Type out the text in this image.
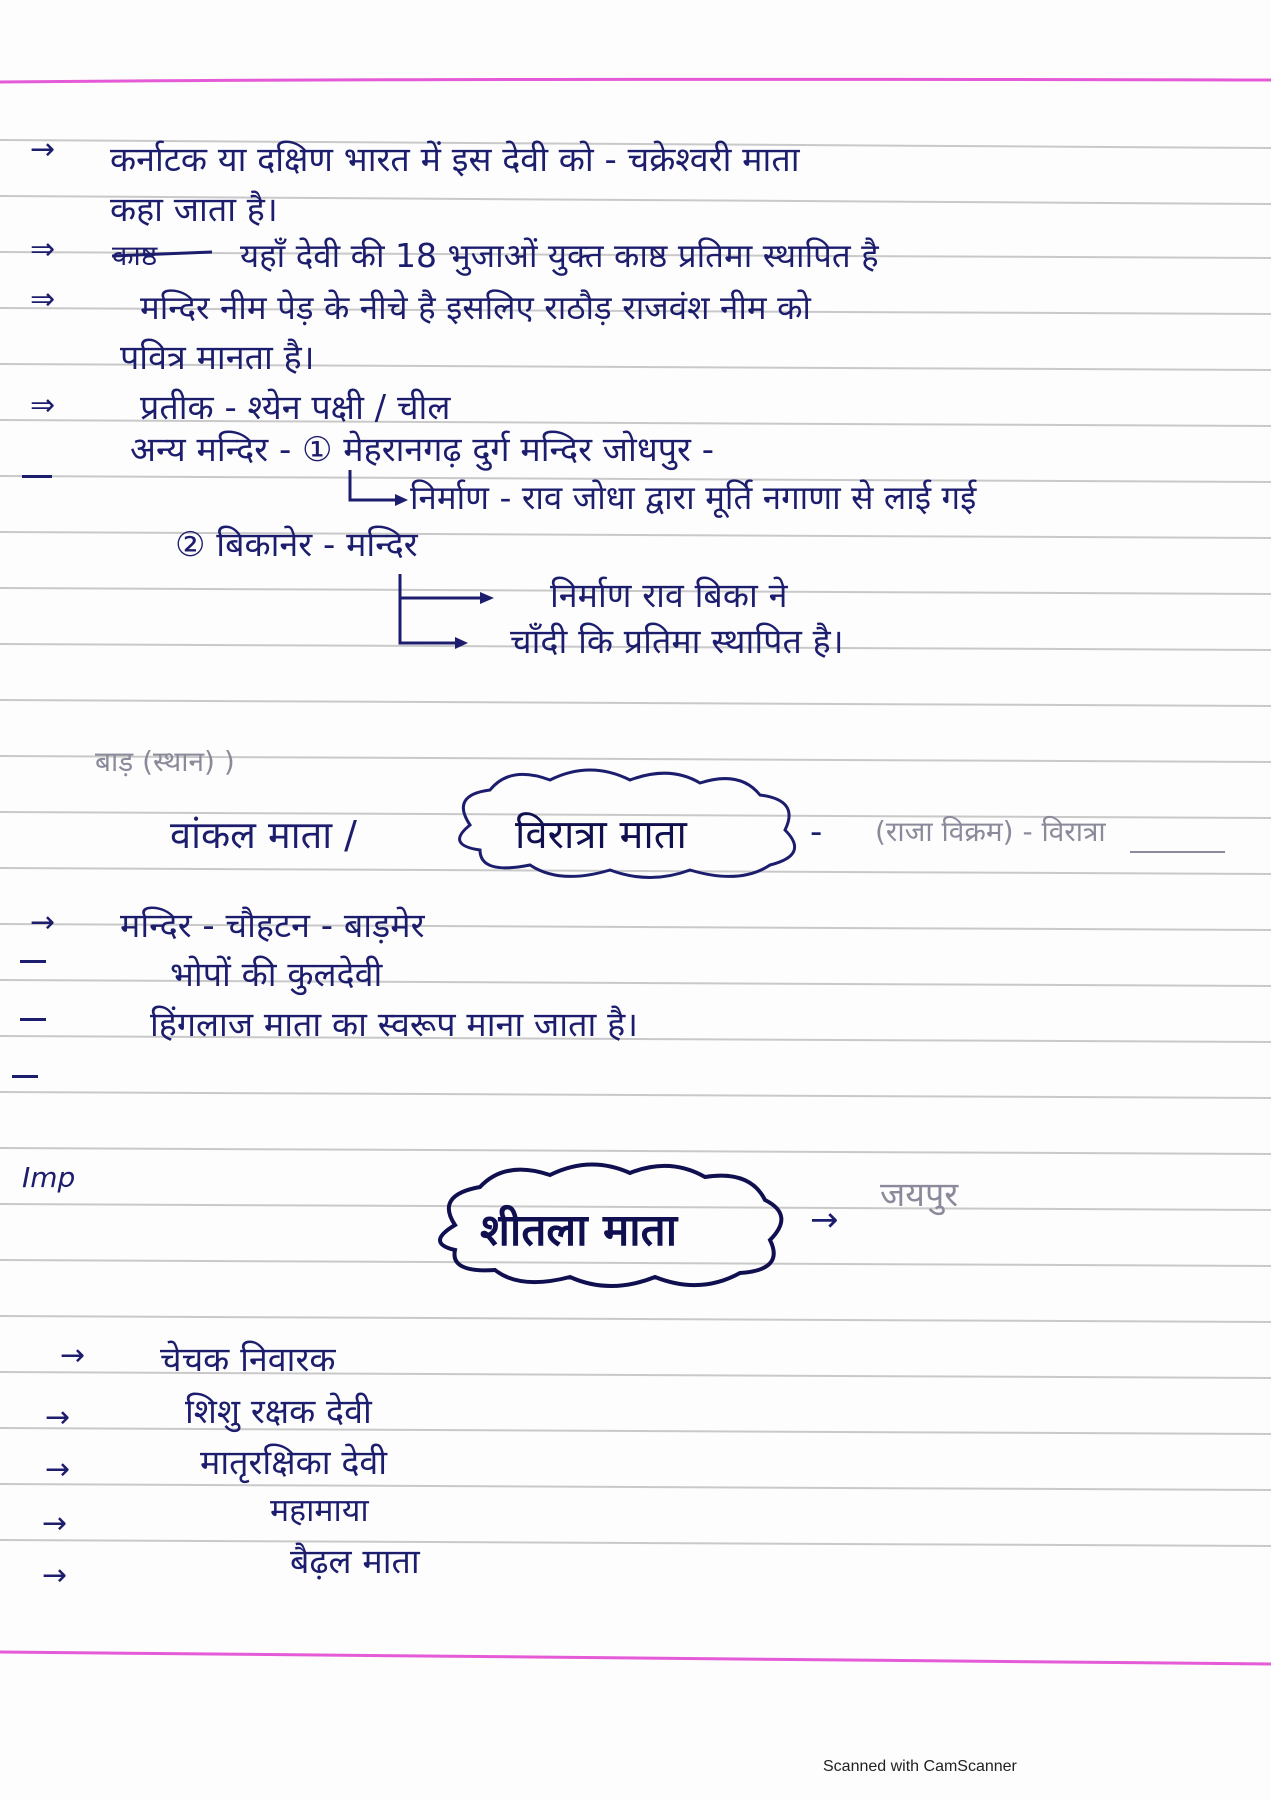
→ कर्नाटक या दक्षिण भारत में इस देवी को - चक्रेश्वरी माता
कहा जाता है।
⇒ काष्ठ	यहाँ देवी की 18 भुजाओं युक्त काष्ठ प्रतिमा स्थापित है
⇒	मन्दिर नीम पेड़ के नीचे है इसलिए राठौड़ राजवंश नीम को
पवित्र मानता है।
⇒ प्रतीक - श्येन पक्षी / चील
अन्य मन्दिर - ① मेहरानगढ़ दुर्ग मन्दिर जोधपुर -
निर्माण - राव जोधा द्वारा मूर्ति नगाणा से लाई गई
② बिकानेर - मन्दिर
निर्माण राव बिका ने
चाँदी कि प्रतिमा स्थापित है।
बाड़ (स्थान) )
वांकल माता /	विरात्रा माता	- (राजा विक्रम) - विरात्रा
→ मन्दिर - चौहटन - बाड़मेर
भोपों की कुलदेवी
हिंगलाज माता का स्वरूप माना जाता है।
Imp
शीतला माता	→
जयपुर
→ चेचक निवारक
→	शिशु रक्षक देवी
→	मातृरक्षिका देवी
→	महामाया
→	बैढ़ल माता
Scanned with CamScanner
